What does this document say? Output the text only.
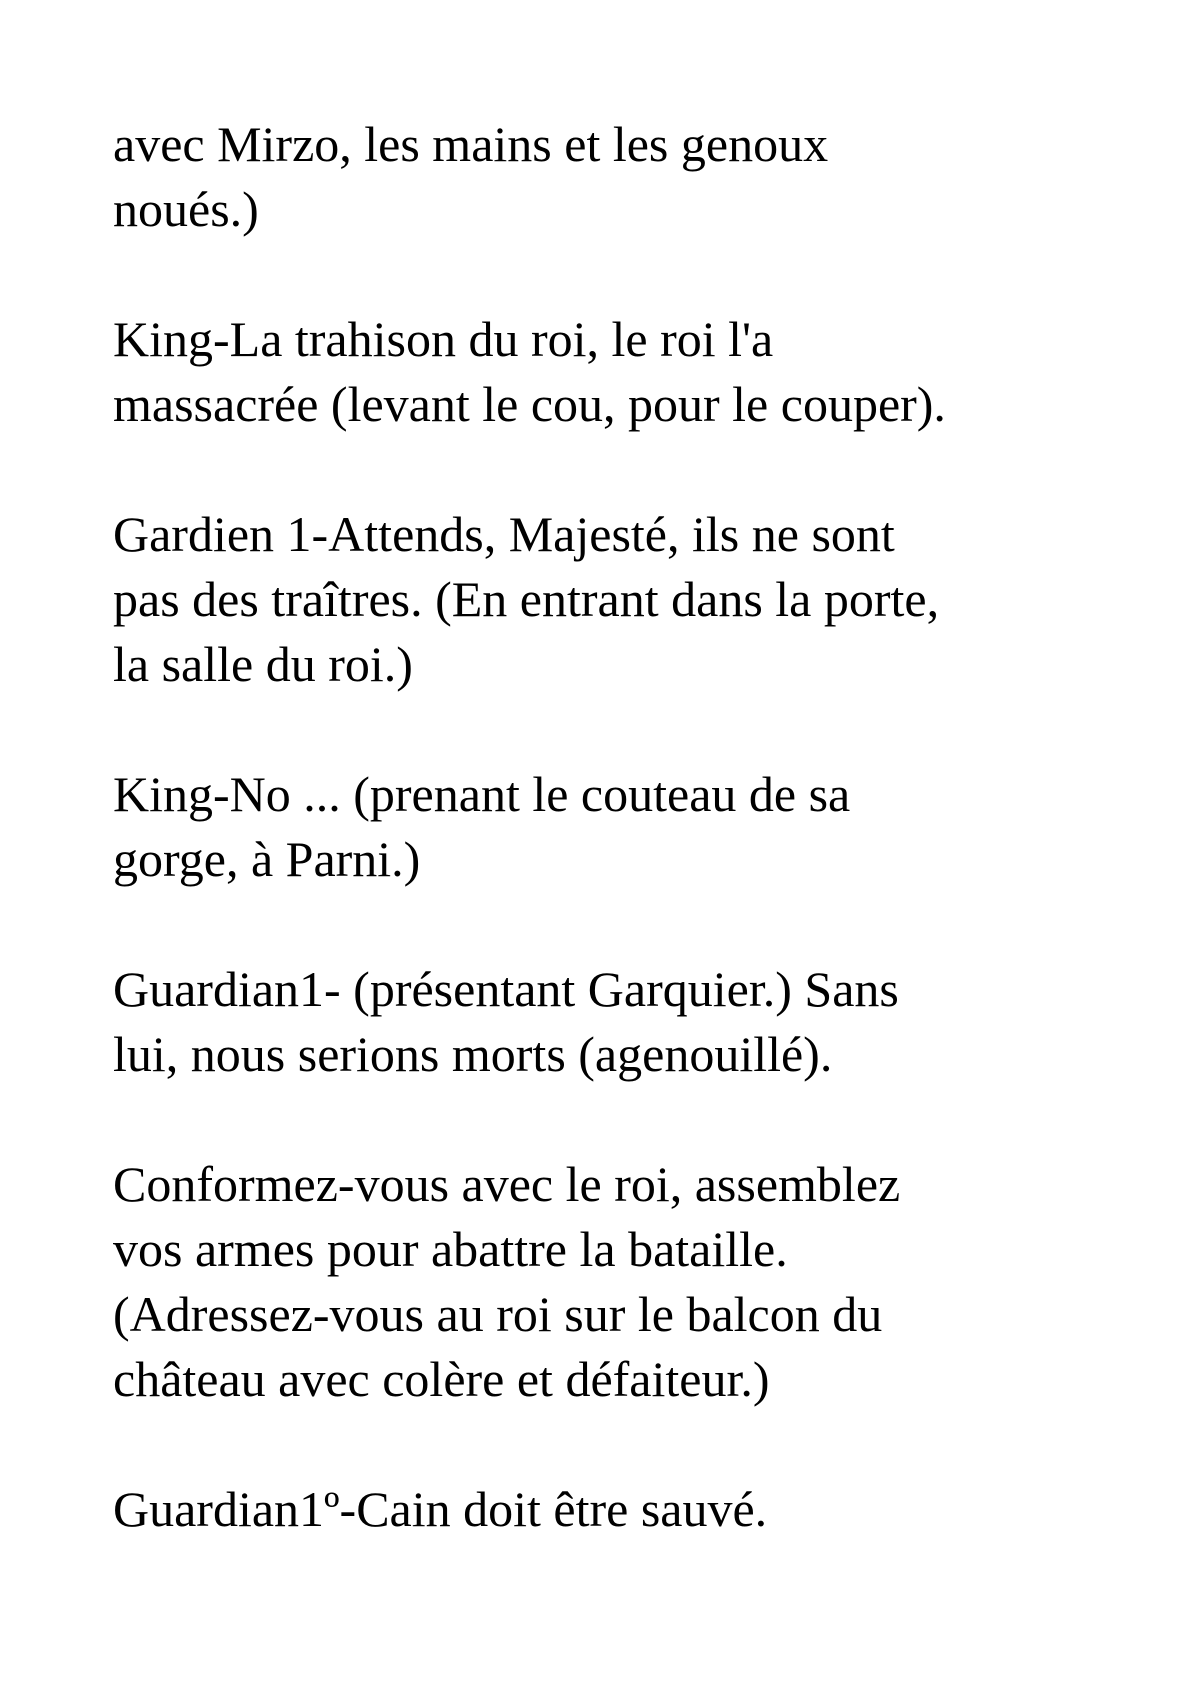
avec Mirzo, les mains et les genoux
noués.)

King-La trahison du roi, le roi l'a
massacrée (levant le cou, pour le couper).

Gardien 1-Attends, Majesté, ils ne sont
pas des traîtres. (En entrant dans la porte,
la salle du roi.)

King-No ... (prenant le couteau de sa
gorge, à Parni.)

Guardian1- (présentant Garquier.) Sans
lui, nous serions morts (agenouillé).

Conformez-vous avec le roi, assemblez
vos armes pour abattre la bataille.
(Adressez-vous au roi sur le balcon du
château avec colère et défaiteur.)

Guardian1º-Cain doit être sauvé.
